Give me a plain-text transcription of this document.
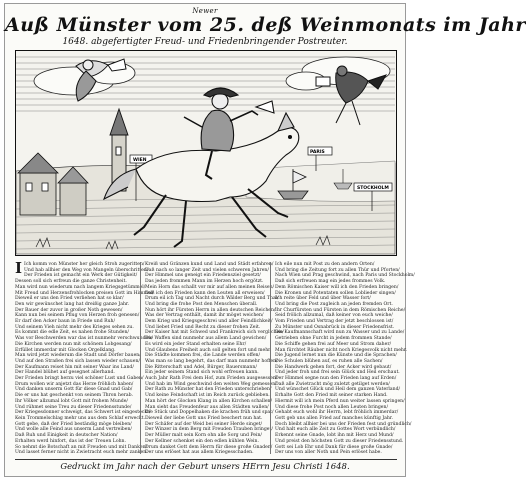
Newer
Auß Münster vom 25. deß Weinmonats im Jahr
1648. abgefertigter Freud- und Friedenbringender Postreuter.
WIEN
PARIS
STOCKHOLM
I Ich komm von Münster her gleich Stroh zugeritten/

Und hab allhier den Weg von Mangeln überschritten/

Der Frieden ist gemacht ein Werk der Gütigkeit/

Dessen soll sich erfreun die ganze Christenheit.

Man wird nun wiederum nach langem Kriegsgetümmel/

Mit Freud und Herzensfrohlocken preisen Gott im Himmel/

Dieweil er uns den Fried verliehen hat so klar/

Den wir gewünschet lang hat dreißig ganze Jahr.

Der Bauer der zuvor in großer Noth gewesen/

Kann nun bei seinem Pflug von Herzen froh genesen/

Er darf den Acker baun in Friede und Ruh/

Und seinem Vieh nicht mehr des Krieges sehen zu.

Es kommt die edle Zeit, es nahen frohe Stunden/

Was vor Beschwerden war das ist nunmehr verschwunden/

Die Kirchen werden nun mit schönem Lobgesang/

Erfüllet immerdar mit Glocken Orgelklang.

Man wird jetzt wiederum die Stadt und Dörfer bauen/

Und auf den Straßen frei sich lassen wieder schauen/

Der Kaufmann reiset hin mit seiner Waar ins Land/

Der Handel blühet auf gesegnet allerhand.

Der Frieden bringt herzu viel schöner Lust und Gaben/

Drum wollen wir anjetzt das Herze fröhlich haben/

Und danken unserm Gott für diese Gnad und Gab/

Die er uns hat geschenkt von seinem Thron herab.

Ihr Völker allzumal lobt Gott mit frohem Munde/

Und rühmet seine Treu zu dieser Friedensstunde/

Der Kriegesdonner schweigt, das Schwert ist eingesteckt/

Kein Trommelschlag mehr uns aus dem Schlaf erweckt.

Gott gebe, daß der Fried beständig möge bleiben/

Und wolle alle Feind aus unserm Land vertreiben/

Daß Ruh und Einigkeit in deutscher Nation/

Erhalten werd hinfort, das ist der Treuen Lohn.

So nehmt die Botschaft an mit Freuden und mit Danken/

Und lasset ferner nicht in Zwietracht euch mehr zanken.

Kreiß und Gränzen kund und Land und Städt erfahren/

Daß nach so langer Zeit und vielen schweren Jahren/

Der Himmel uns geneigt ein Friedensziel gesetzt/

Das jeden frommen Mann im Herzen hoch ergötzt.

Mein Horn das schallt vor mir auf allen meinen Reisen/

Daß ich den Frieden kann den Leuten all erweisen/

Drum eil ich Tag und Nacht durch Wälder Berg und Thal/

Und bring die frohe Post den Menschen überall.

Nun hört ihr Fürsten Herrn in allen deutschen Reichen/

Was der Vertrag enthält, damit ihr möget weichen/

Dem Krieg und Kriegsgeschrei und aller Feindlichkeit/

Und liebet Fried und Recht zu dieser frohen Zeit.

Der Kaiser hat mit Schwed und Frankreich sich verglichen/

Die Waffen sind nunmehr aus allem Land gewichen/

Es wird ein jeder Stand erhalten seine Ehr/

Und Glaubens Freiheit auch soll gelten fort und mehr.

Die Städte kommen frei, die Lande werden offen/

Was man so lang begehrt, das darf man nunmehr hoffen/

Die Ritterschaft und Adel, Bürger, Bauersmann/

Ein jeder seinem Stand sich wohl erfreuen kann.

Auch Jahr Rath Frei dem Hof, zum Frieden ausgesessen/

Und hab im Wind geschwind den weiten Weg gemessen/

Der Rath zu Münster hat den Frieden unterschrieben/

Und keine Feindschaft ist im Reich zurück geblieben.

Man hört der Glocken Klang in allen Kirchen schallen/

Man sieht das Freudenfeur aus allen Städten wallen/

Die Stück und Doppelhaken die krachen früh und spat/

Dieweil der liebe Gott uns Fried beschert nun hat.

Der Schäfer auf der Weid bei seiner Herde singet/

Der Winzer in dem Berg mit Freuden Trauben bringet/

Der Müller malt sein Korn ohn alle Sorg und Pein/

Der Kellner schenket ein den edlen kühlen Wein.

Drum danket Gott dem Herrn für diese große Gnaden/

Der uns erlöset hat aus allem Kriegesschaden.

Ich eile nun mit Post zu den andern Orten/

Und bring die Zeitung fort zu allen Thür und Pforten/

Nach Wien und Prag geschwind, nach Paris und Stockholm/

Daß sich erfreuen mag ein jedes frommes Volk.

Dem Römischen Kaiser will ich den Frieden bringen/

Die Kronen und Potentaten sollen Loblieder singen/

Ich reite über Feld und über Wasser fort/

Und bring die Post zugleich an jeden fremden Ort.

Ihr Churfürsten und Fürsten in dem Römischen Reiche/

Seid frölich allzumal, daß keiner von euch weiche/

Vom Frieden und Vertrag der jetzt beschlossen ist/

Zu Münster und Osnabrück in dieser Friedensfrist.

Die Kaufmannschaft wird nun zu Wasser und zu Lande/

Getrieben ohne Furcht in jedem frommen Stande/

Die Schiffe gehen frei auf Meer und Strom daher/

Man fürchtet Räuber nicht noch Kriegesvolk nicht mehr.

Die Jugend lernet nun die Künste und die Sprachen/

Die Schulen blühen auf, es ruhen alle Sachen/

Die Handwerk gehen fort, der Acker wird gebaut/

Und jeder froh und frei sein Glück und Heil erschaut.

Der Himmel segne nun den Frieden lang auf Erden/

Daß alle Zwietracht mög zuletzt getilget werden/

Und wünschet Glück und Heil dem ganzen Vaterland/

Erhalte Gott den Fried mit seiner starken Hand.

Hiermit will ich mein Pferd nun weiter lassen springen/

Und diese frohe Post noch allen Leuten bringen/

Gehabt euch wohl ihr Herrn, lebt fröhlich immerdar/

Gott geb uns allen Fried auf manches künftig Jahr.

Doch bleibt allhier bei uns der Frieden fest und gründlich/

Und halt euch alle Zeit zu Gottes Wort verbündlich/

Erkennt seine Gnade, lobt ihn mit Herz und Mund/

Und preist den höchsten Gott zu dieser Friedensstund.

Gott sei Lob Ehr und Dank für diese große Gnade/

Der uns von aller Noth und Pein erlöset habe.

Gedruckt im Jahr nach der Geburt unsers HErrn Jesu Christi 1648.
